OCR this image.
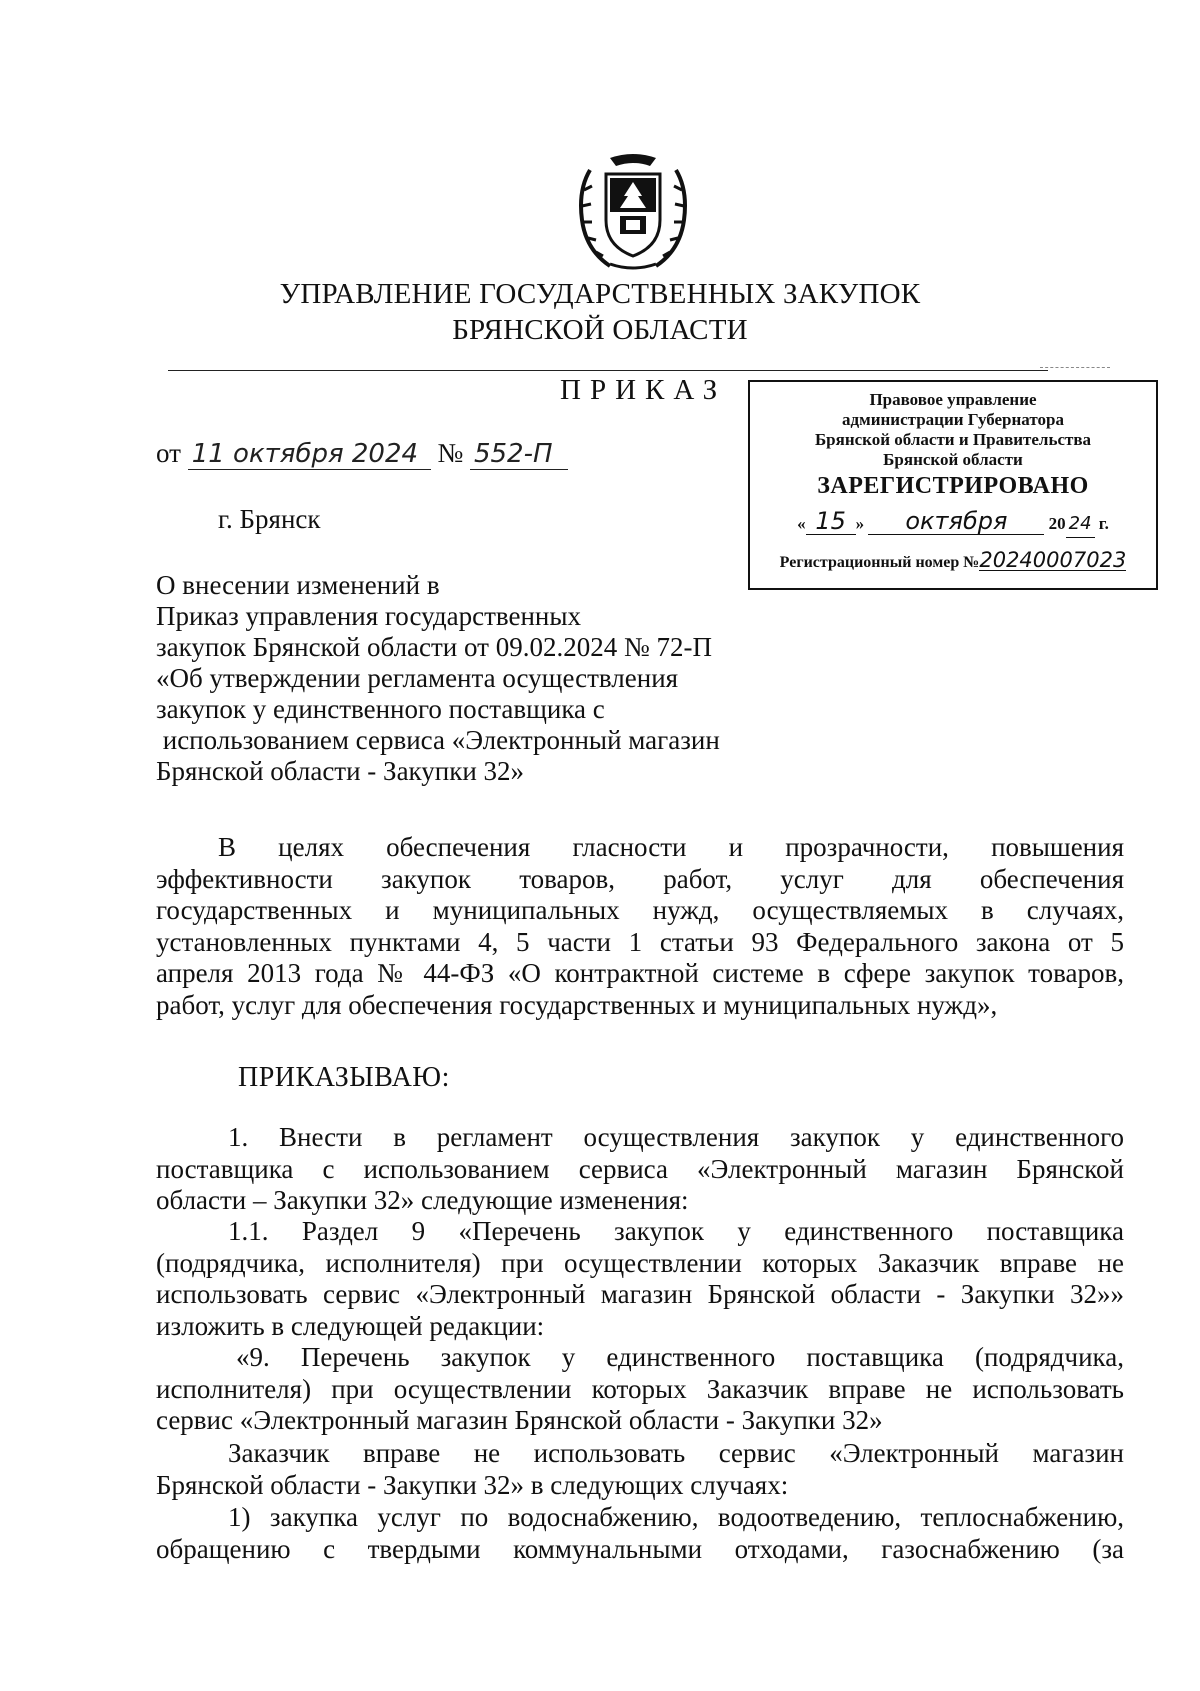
УПРАВЛЕНИЕ ГОСУДАРСТВЕННЫХ ЗАКУПОК
БРЯНСКОЙ ОБЛАСТИ
ПРИКАЗ
от 11 октября 2024 № 552-П
г. Брянск
Правовое управление
администрации Губернатора
Брянской области и Правительства
Брянской области
ЗАРЕГИСТРИРОВАНО
« 15 » октября 20 24 г.
Регистрационный номер №20240007023
О внесении изменений в
Приказ управления государственных
закупок Брянской области от 09.02.2024 № 72-П
«Об утверждении регламента осуществления
закупок у единственного поставщика с
использованием сервиса «Электронный магазин
Брянской области - Закупки 32»
В целях обеспечения гласности и прозрачности, повышения
эффективности закупок товаров, работ, услуг для обеспечения
государственных и муниципальных нужд, осуществляемых в случаях,
установленных пунктами 4, 5 части 1 статьи 93 Федерального закона от 5
апреля 2013 года № 44-ФЗ «О контрактной системе в сфере закупок товаров,
работ, услуг для обеспечения государственных и муниципальных нужд»,
ПРИКАЗЫВАЮ:
1. Внести в регламент осуществления закупок у единственного
поставщика с использованием сервиса «Электронный магазин Брянской
области – Закупки 32» следующие изменения:
1.1. Раздел 9 «Перечень закупок у единственного поставщика
(подрядчика, исполнителя) при осуществлении которых Заказчик вправе не
использовать сервис «Электронный магазин Брянской области - Закупки 32»»
изложить в следующей редакции:
«9. Перечень закупок у единственного поставщика (подрядчика,
исполнителя) при осуществлении которых Заказчик вправе не использовать
сервис «Электронный магазин Брянской области - Закупки 32»
Заказчик вправе не использовать сервис «Электронный магазин
Брянской области - Закупки 32» в следующих случаях:
1) закупка услуг по водоснабжению, водоотведению, теплоснабжению,
обращению с твердыми коммунальными отходами, газоснабжению (за
